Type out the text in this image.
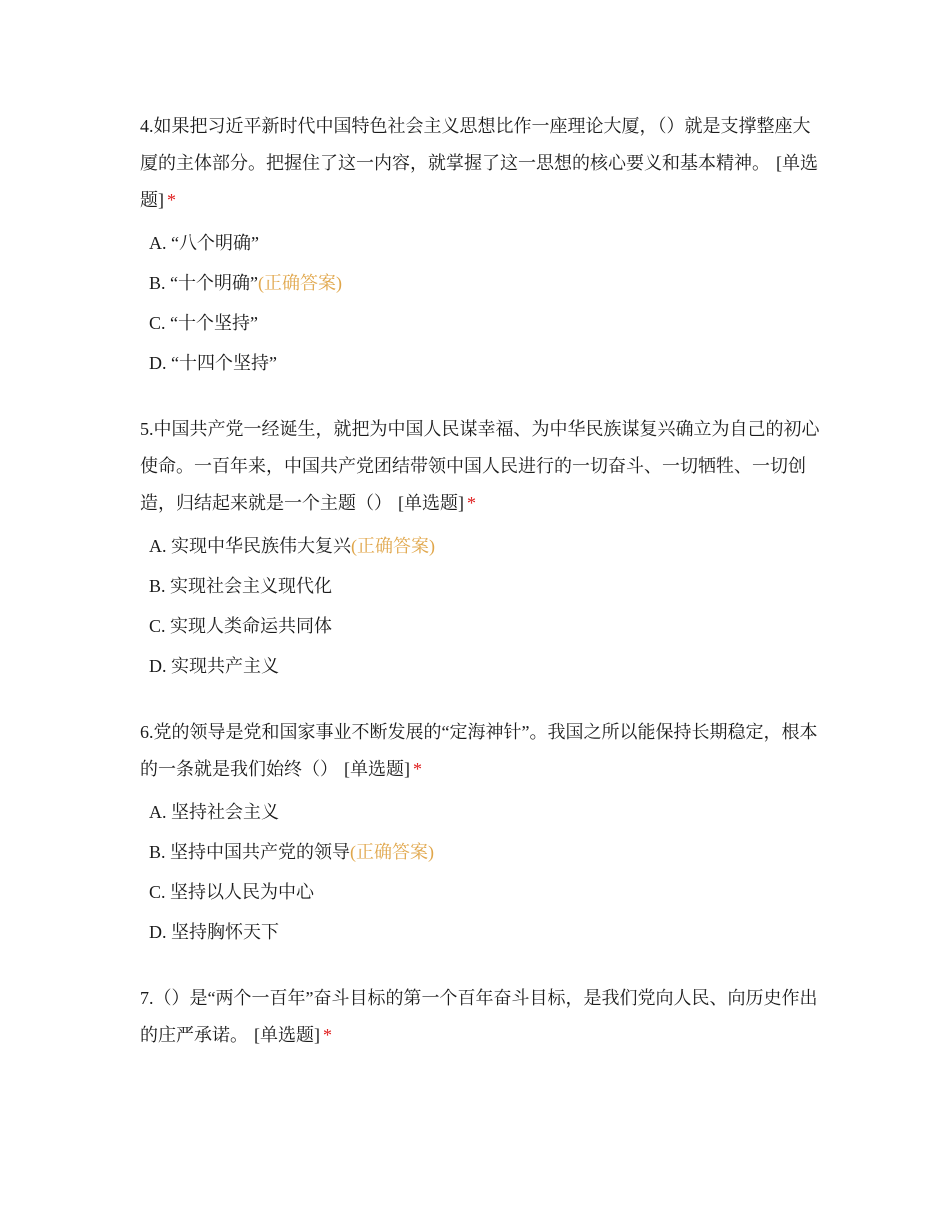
4.如果把习近平新时代中国特色社会主义思想比作一座理论大厦，（）就是支撑整座大厦的主体部分。把握住了这一内容，就掌握了这一思想的核心要义和基本精神。 [单选题] *

A. “八个明确”
B. “十个明确”(正确答案)
C. “十个坚持”
D. “十四个坚持”

5.中国共产党一经诞生，就把为中国人民谋幸福、为中华民族谋复兴确立为自己的初心使命。一百年来，中国共产党团结带领中国人民进行的一切奋斗、一切牺牲、一切创造，归结起来就是一个主题（） [单选题] *

A. 实现中华民族伟大复兴(正确答案)
B. 实现社会主义现代化
C. 实现人类命运共同体
D. 实现共产主义

6.党的领导是党和国家事业不断发展的“定海神针”。我国之所以能保持长期稳定，根本的一条就是我们始终（） [单选题] *

A. 坚持社会主义
B. 坚持中国共产党的领导(正确答案)
C. 坚持以人民为中心
D. 坚持胸怀天下

7.（）是“两个一百年”奋斗目标的第一个百年奋斗目标，是我们党向人民、向历史作出的庄严承诺。 [单选题] *
